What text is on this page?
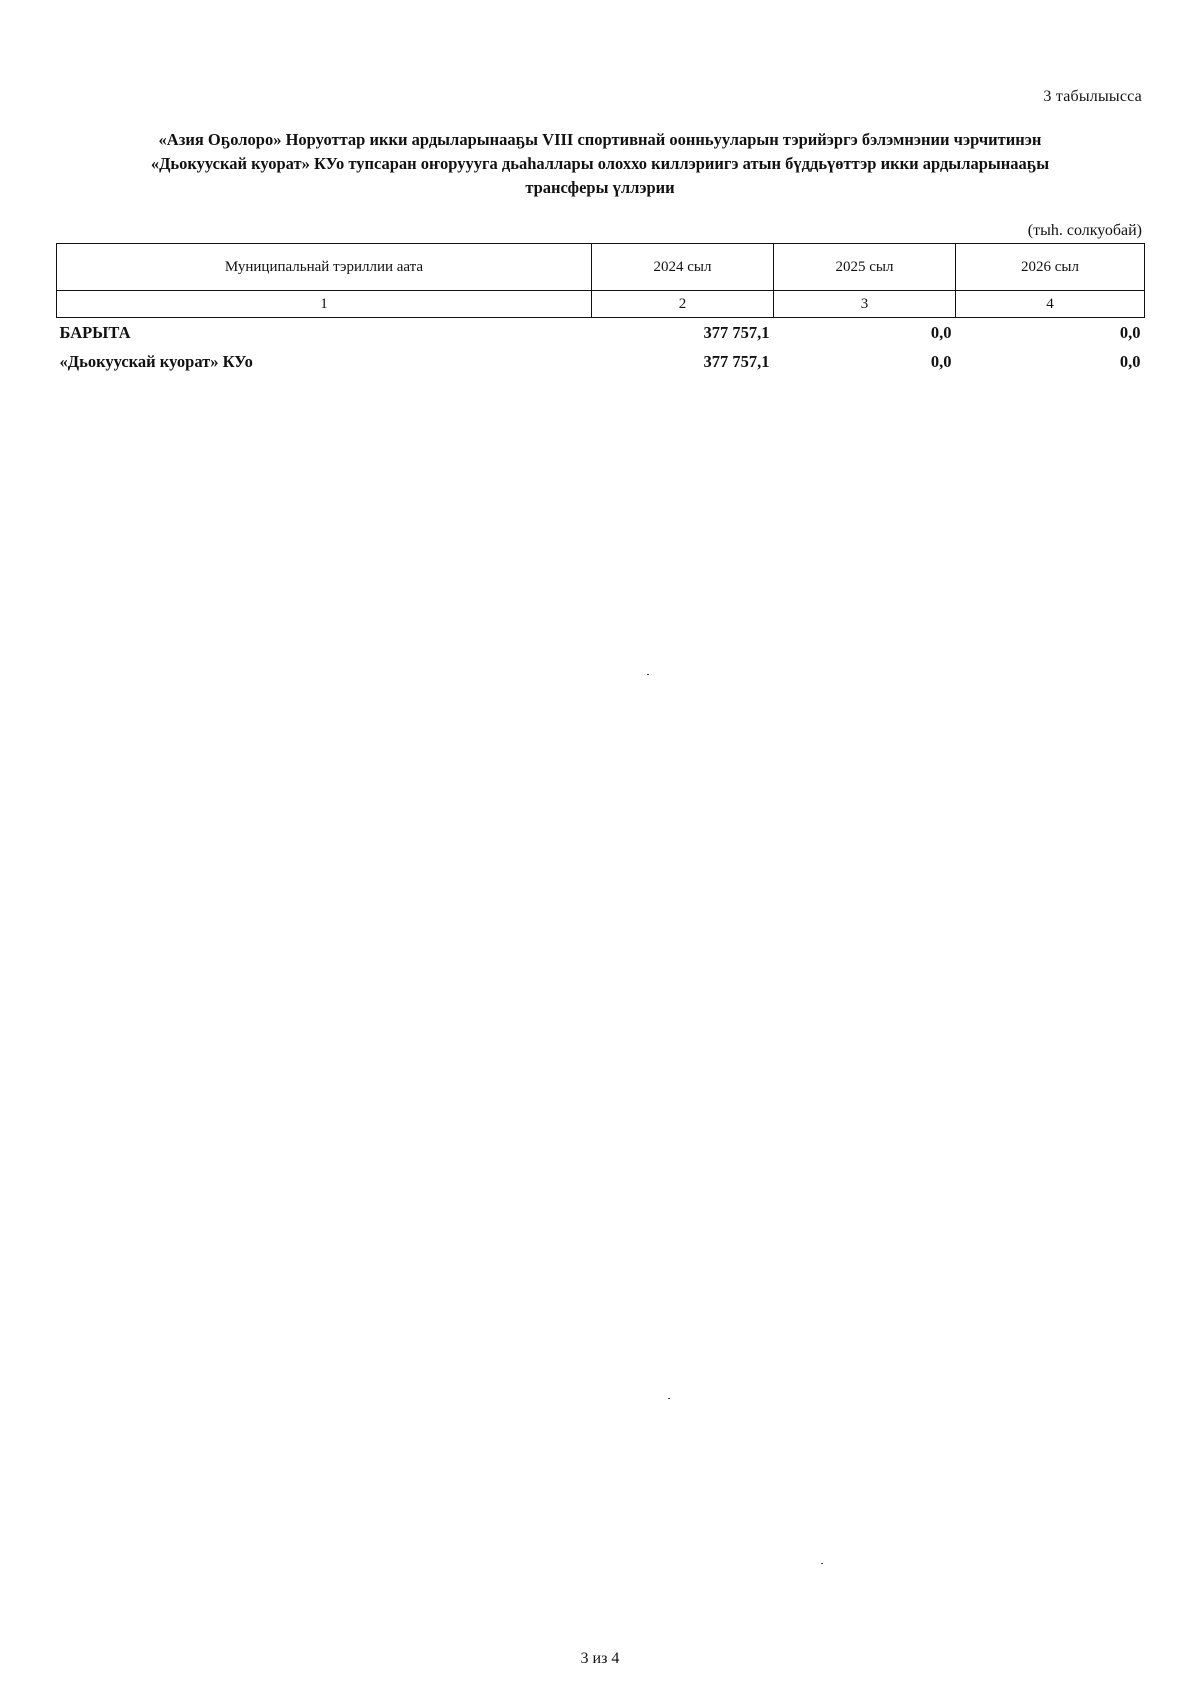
3 табылыысса
«Азия Оҕолоро» Норуоттар икки ардыларынааҕы VIII спортивнай оонньууларын тэрийэргэ бэлэмнэнии чэрчитинэн
«Дьокуускай куорат» КУо тупсаран оҥоруууга дьаһаллары олоххо киллэриигэ атын бүддьүөттэр икки ардыларынааҕы
трансферы үллэрии
(тыһ. солкуобай)
Муниципальнай тэриллии аата	2024 сыл	2025 сыл	2026 сыл
1	2	3	4
БАРЫТА	377 757,1	0,0	0,0
«Дьокуускай куорат» КУо	377 757,1	0,0	0,0
3 из 4
